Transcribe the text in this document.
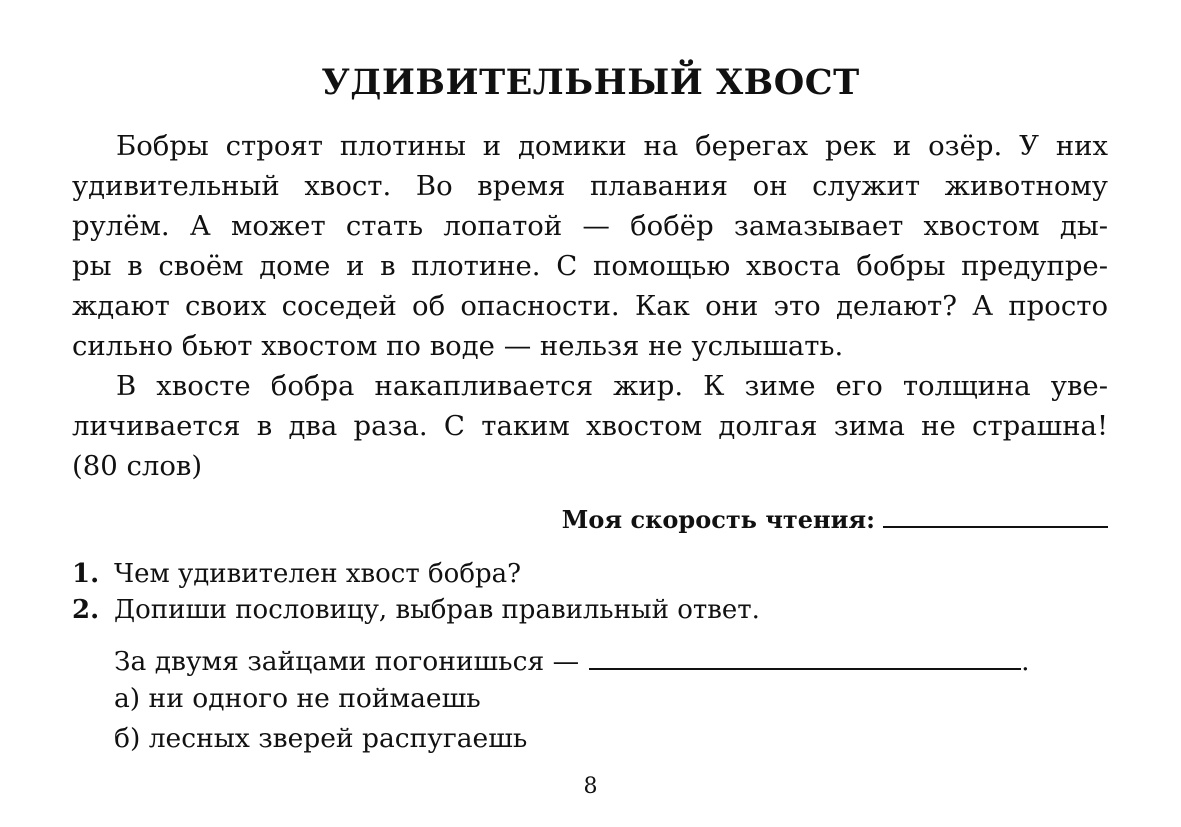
УДИВИТЕЛЬНЫЙ ХВОСТ
Бобры строят плотины и домики на берегах рек и озёр. У них
удивительный хвост. Во время плавания он служит животному
рулём. А может стать лопатой — бобёр замазывает хвостом ды-
ры в своём доме и в плотине. С помощью хвоста бобры предупре-
ждают своих соседей об опасности. Как они это делают? А просто
сильно бьют хвостом по воде — нельзя не услышать.
В хвосте бобра накапливается жир. К зиме его толщина уве-
личивается в два раза. С таким хвостом долгая зима не страшна!
(80 слов)
Моя скорость чтения:
1. Чем удивителен хвост бобра?
2. Допиши пословицу, выбрав правильный ответ.
За двумя зайцами погонишься —	.
а) ни одного не поймаешь
б) лесных зверей распугаешь
8
